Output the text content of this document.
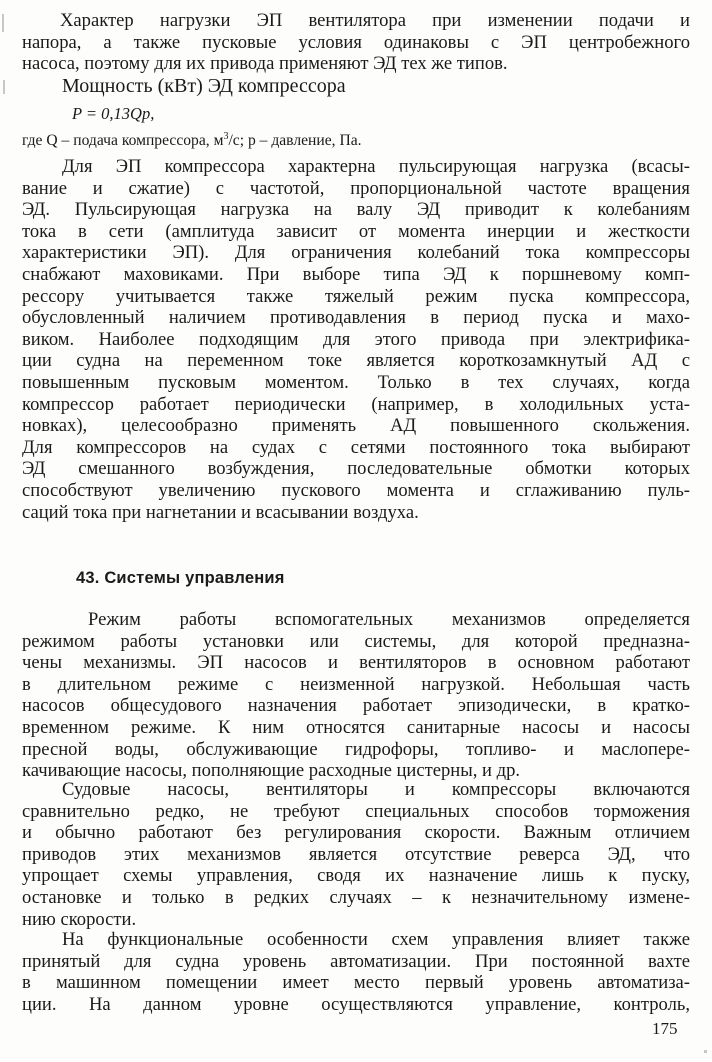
Характер нагрузки ЭП вентилятора при изменении подачи и
напора, а также пусковые условия одинаковы с ЭП центробежного
насоса, поэтому для их привода применяют ЭД тех же типов.

Мощность (кВт) ЭД компрессора

P = 0,13Qp,

где Q – подача компрессора, $м^3/с$; p – давление, Па.

Для ЭП компрессора характерна пульсирующая нагрузка (всасы-
вание и сжатие) с частотой, пропорциональной частоте вращения
ЭД. Пульсирующая нагрузка на валу ЭД приводит к колебаниям
тока в сети (амплитуда зависит от момента инерции и жесткости
характеристики ЭП). Для ограничения колебаний тока компрессоры
снабжают маховиками. При выборе типа ЭД к поршневому комп-
рессору учитывается также тяжелый режим пуска компрессора,
обусловленный наличием противодавления в период пуска и махо-
виком. Наиболее подходящим для этого привода при электрифика-
ции судна на переменном токе является короткозамкнутый АД с
повышенным пусковым моментом. Только в тех случаях, когда
компрессор работает периодически (например, в холодильных уста-
новках), целесообразно применять АД повышенного скольжения.
Для компрессоров на судах с сетями постоянного тока выбирают
ЭД смешанного возбуждения, последовательные обмотки которых
способствуют увеличению пускового момента и сглаживанию пуль-
саций тока при нагнетании и всасывании воздуха.

43. Системы управления

Режим работы вспомогательных механизмов определяется
режимом работы установки или системы, для которой предназна-
чены механизмы. ЭП насосов и вентиляторов в основном работают
в длительном режиме с неизменной нагрузкой. Небольшая часть
насосов общесудового назначения работает эпизодически, в кратко-
временном режиме. К ним относятся санитарные насосы и насосы
пресной воды, обслуживающие гидрофоры, топливо- и маслопере-
качивающие насосы, пополняющие расходные цистерны, и др.
Судовые насосы, вентиляторы и компрессоры включаются
сравнительно редко, не требуют специальных способов торможения
и обычно работают без регулирования скорости. Важным отличием
приводов этих механизмов является отсутствие реверса ЭД, что
упрощает схемы управления, сводя их назначение лишь к пуску,
остановке и только в редких случаях – к незначительному измене-
нию скорости.
На функциональные особенности схем управления влияет также
принятый для судна уровень автоматизации. При постоянной вахте
в машинном помещении имеет место первый уровень автоматиза-
ции. На данном уровне осуществляются управление, контроль,

175
